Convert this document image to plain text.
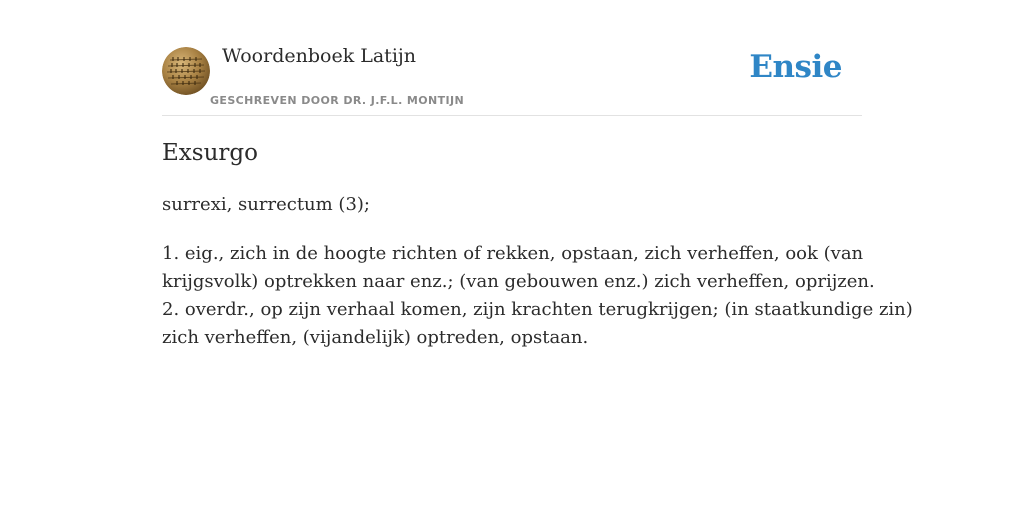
Woordenboek Latijn
GESCHREVEN DOOR DR. J.F.L. MONTIJN
Ensie
Exsurgo

surrexi, surrectum (3);

1. eig., zich in de hoogte richten of rekken, opstaan, zich verheffen, ook (van
krijgsvolk) optrekken naar enz.; (van gebouwen enz.) zich verheffen, oprijzen.
2. overdr., op zijn verhaal komen, zijn krachten terugkrijgen; (in staatkundige zin)
zich verheffen, (vijandelijk) optreden, opstaan.
